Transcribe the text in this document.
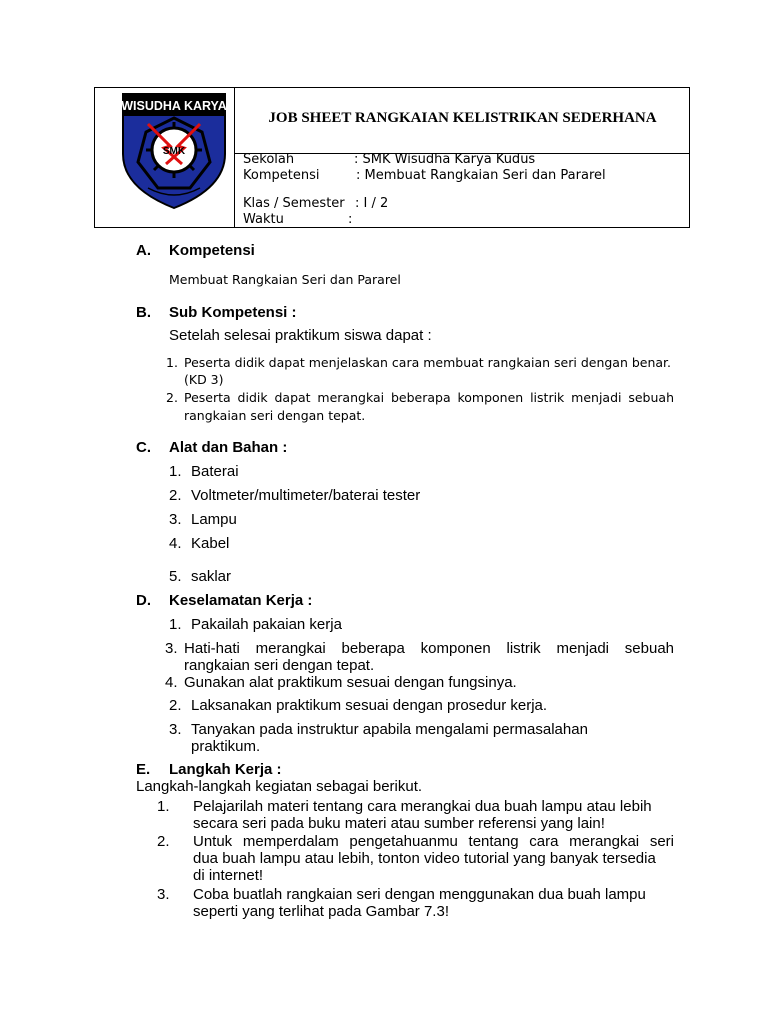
WISUDHA KARYA
SMK
JOB SHEET RANGKAIAN KELISTRIKAN SEDERHANA
Sekolah	: SMK Wisudha Karya Kudus
Kompetensi	: Membuat Rangkaian Seri dan Pararel
Klas / Semester : I / 2
Waktu	:
A. Kompetensi
Membuat Rangkaian Seri dan Pararel
B. Sub Kompetensi :
Setelah selesai praktikum siswa dapat :
1. Peserta didik dapat menjelaskan cara membuat rangkaian seri dengan benar.
(KD 3)
2. Peserta didik dapat merangkai beberapa komponen listrik menjadi sebuah
rangkaian seri dengan tepat.
C. Alat dan Bahan :
1. Baterai
2. Voltmeter/multimeter/baterai tester
3. Lampu
4. Kabel
5. saklar
D. Keselamatan Kerja :
1. Pakailah pakaian kerja
3. Hati-hati merangkai beberapa komponen listrik menjadi sebuah
rangkaian seri dengan tepat.
4. Gunakan alat praktikum sesuai dengan fungsinya.
2. Laksanakan praktikum sesuai dengan prosedur kerja.
3. Tanyakan pada instruktur apabila mengalami permasalahan
praktikum.
E. Langkah Kerja :
Langkah-langkah kegiatan sebagai berikut.
1. Pelajarilah materi tentang cara merangkai dua buah lampu atau lebih
secara seri pada buku materi atau sumber referensi yang lain!
2. Untuk memperdalam pengetahuanmu tentang cara merangkai seri
dua buah lampu atau lebih, tonton video tutorial yang banyak tersedia
di internet!
3. Coba buatlah rangkaian seri dengan menggunakan dua buah lampu
seperti yang terlihat pada Gambar 7.3!
